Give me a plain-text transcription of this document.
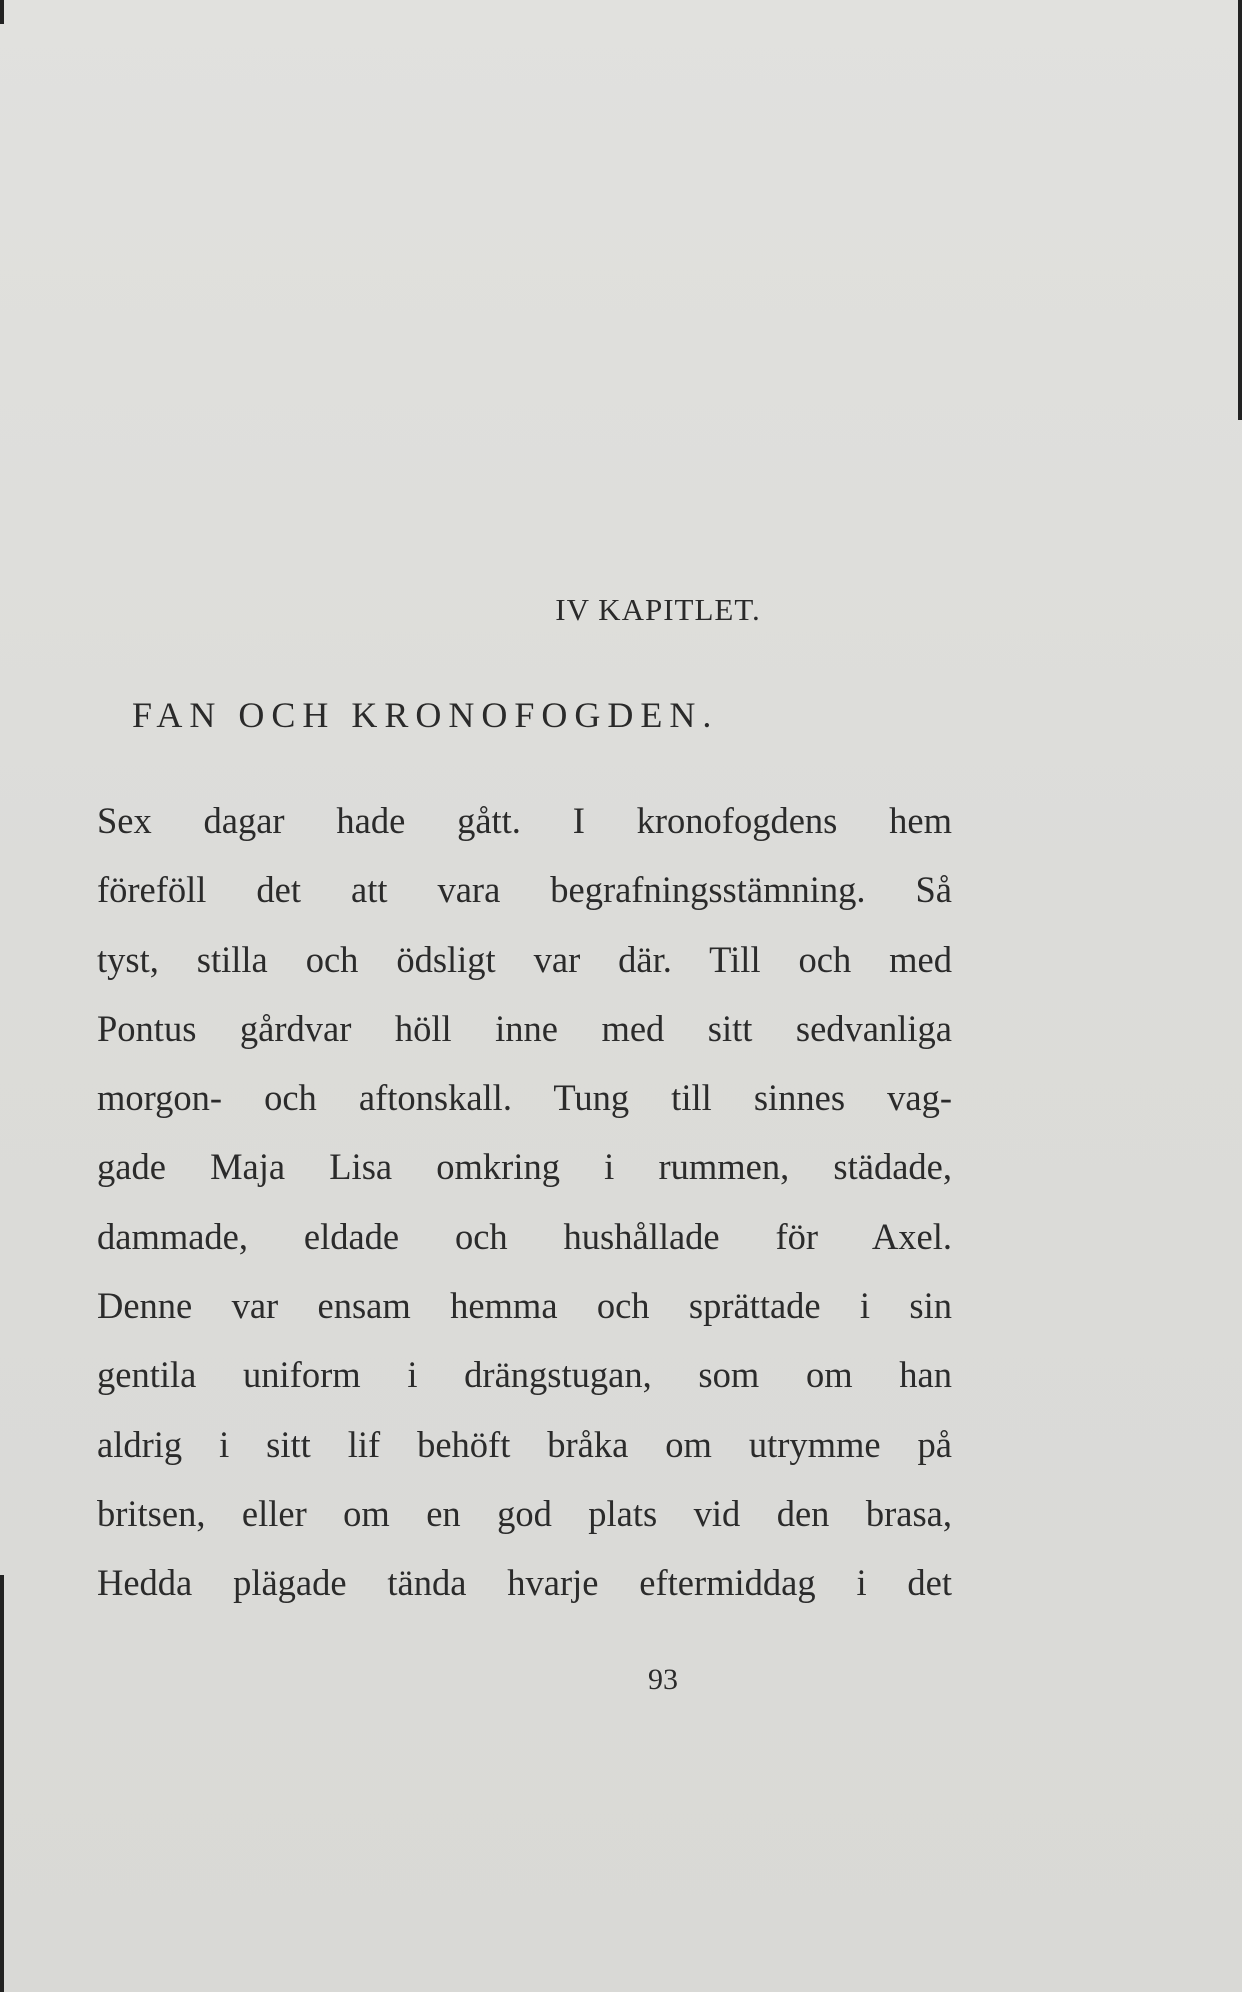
IV KAPITLET.
FAN OCH KRONOFOGDEN.
Sex dagar hade gått. I kronofogdens hem
föreföll det att vara begrafningsstämning. Så
tyst, stilla och ödsligt var där. Till och med
Pontus gårdvar höll inne med sitt sedvanliga
morgon- och aftonskall. Tung till sinnes vag-
gade Maja Lisa omkring i rummen, städade,
dammade, eldade och hushållade för Axel.
Denne var ensam hemma och sprättade i sin
gentila uniform i drängstugan, som om han
aldrig i sitt lif behöft bråka om utrymme på
britsen, eller om en god plats vid den brasa,
Hedda plägade tända hvarje eftermiddag i det
93
